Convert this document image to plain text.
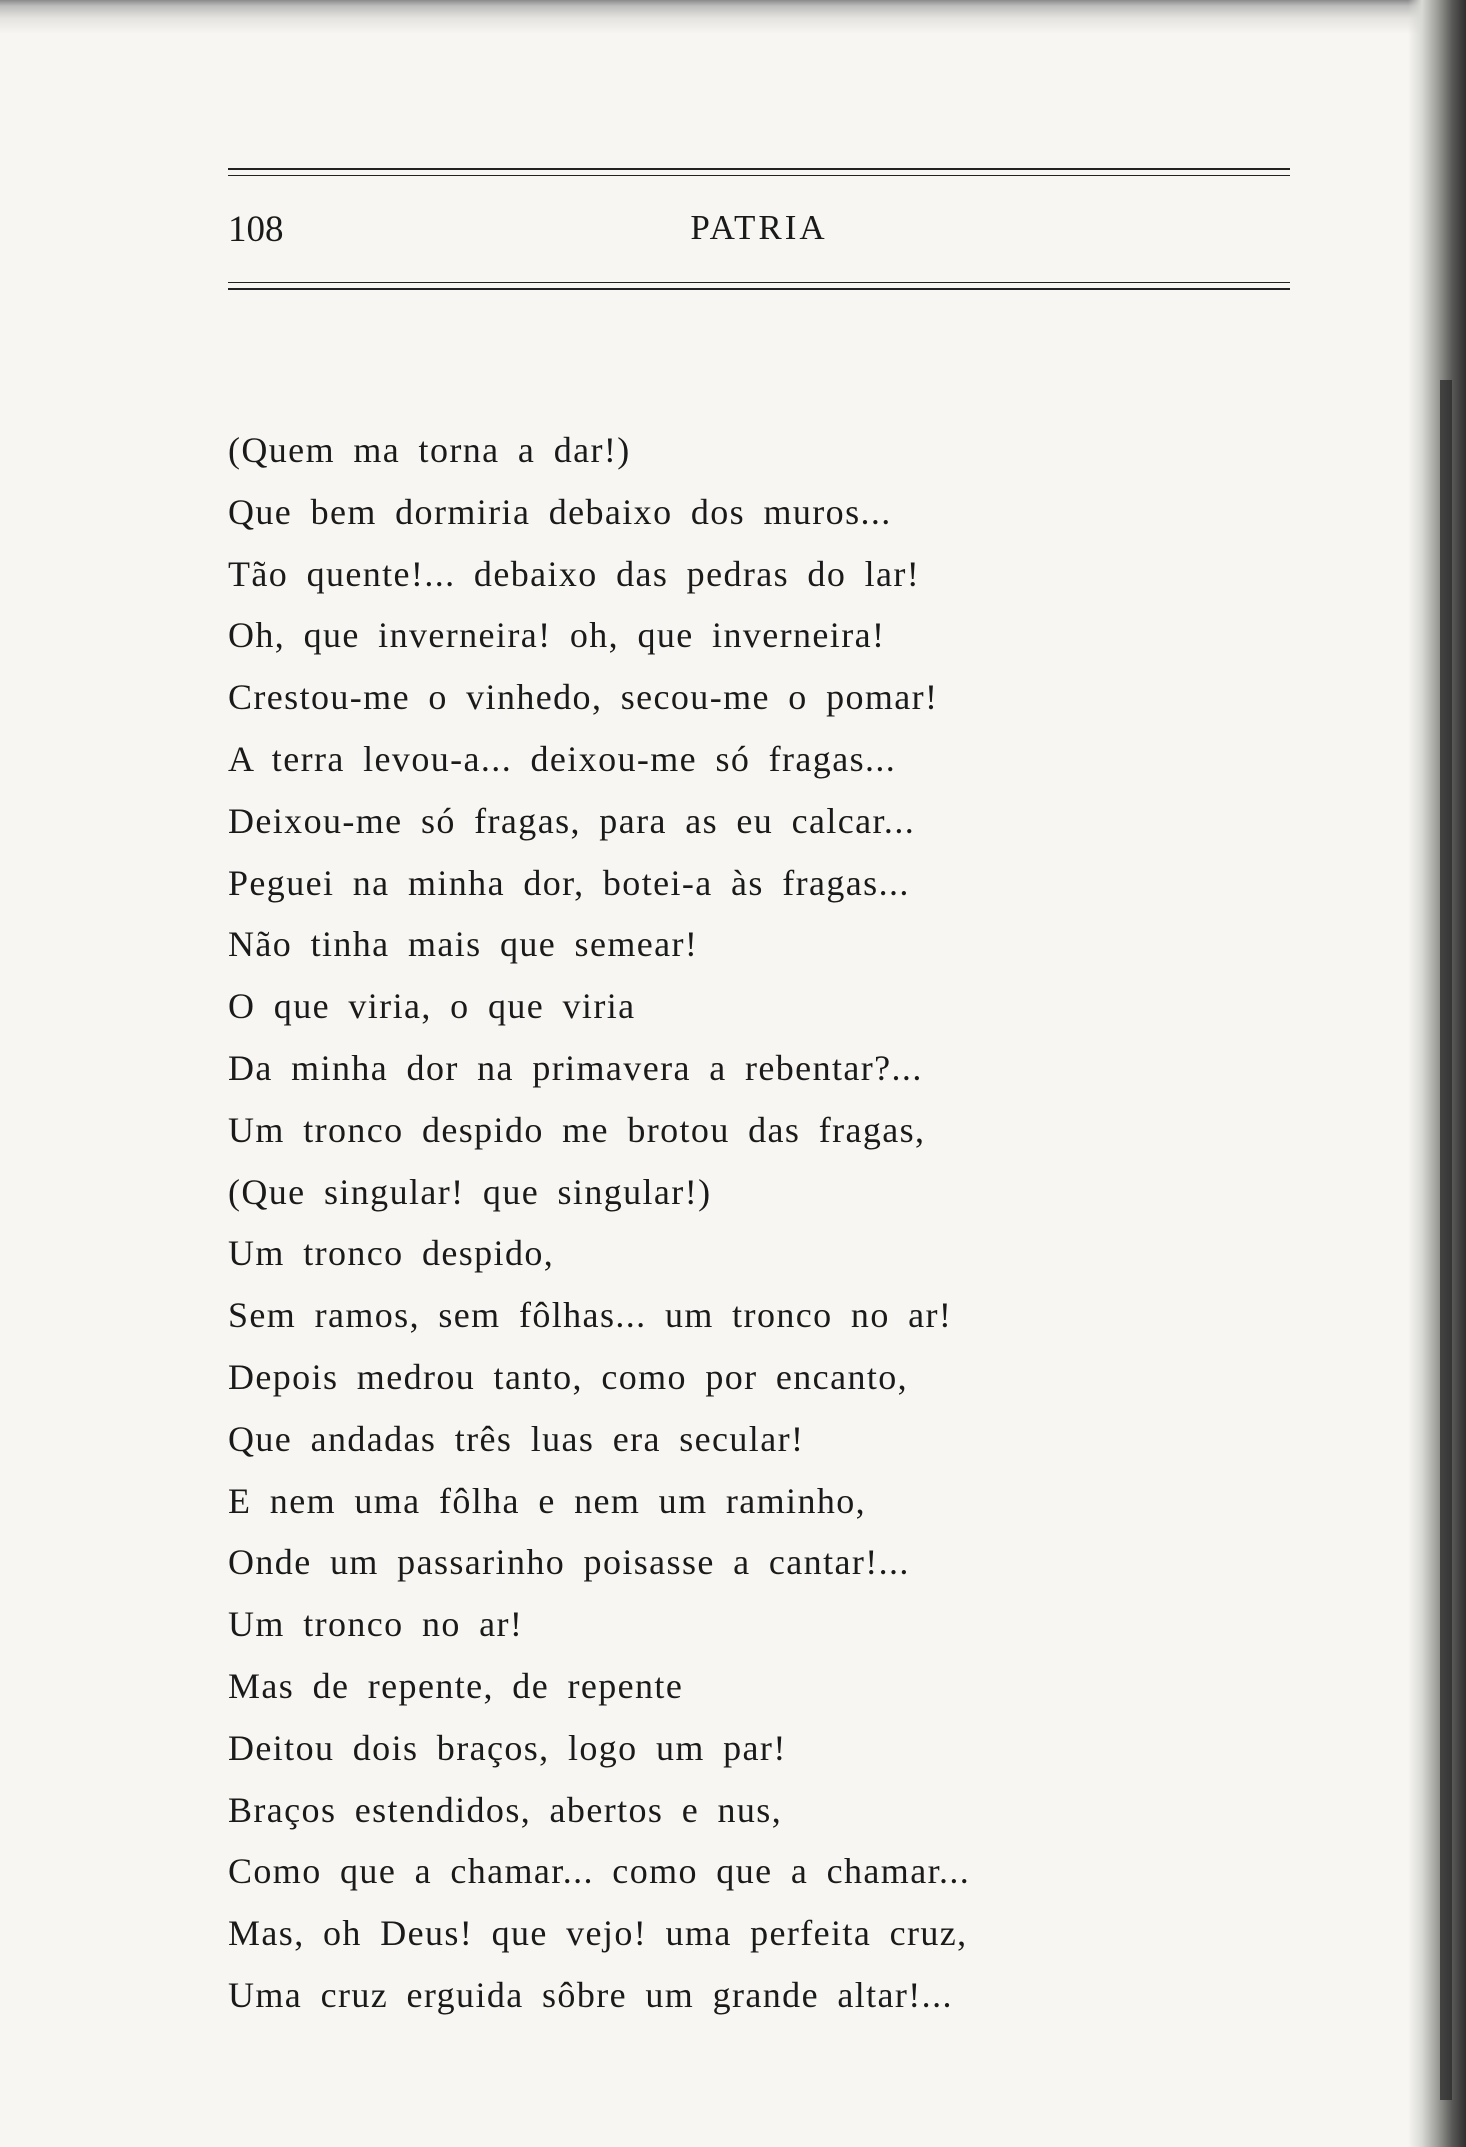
108	PATRIA
(Quem ma torna a dar!)
Que bem dormiria debaixo dos muros...
Tão quente!... debaixo das pedras do lar!
Oh, que inverneira! oh, que inverneira!
Crestou-me o vinhedo, secou-me o pomar!
A terra levou-a... deixou-me só fragas...
Deixou-me só fragas, para as eu calcar...
Peguei na minha dor, botei-a às fragas...
Não tinha mais que semear!
O que viria, o que viria
Da minha dor na primavera a rebentar?...
Um tronco despido me brotou das fragas,
(Que singular! que singular!)
Um tronco despido,
Sem ramos, sem fôlhas... um tronco no ar!
Depois medrou tanto, como por encanto,
Que andadas três luas era secular!
E nem uma fôlha e nem um raminho,
Onde um passarinho poisasse a cantar!...
Um tronco no ar!
Mas de repente, de repente
Deitou dois braços, logo um par!
Braços estendidos, abertos e nus,
Como que a chamar... como que a chamar...
Mas, oh Deus! que vejo! uma perfeita cruz,
Uma cruz erguida sôbre um grande altar!...
